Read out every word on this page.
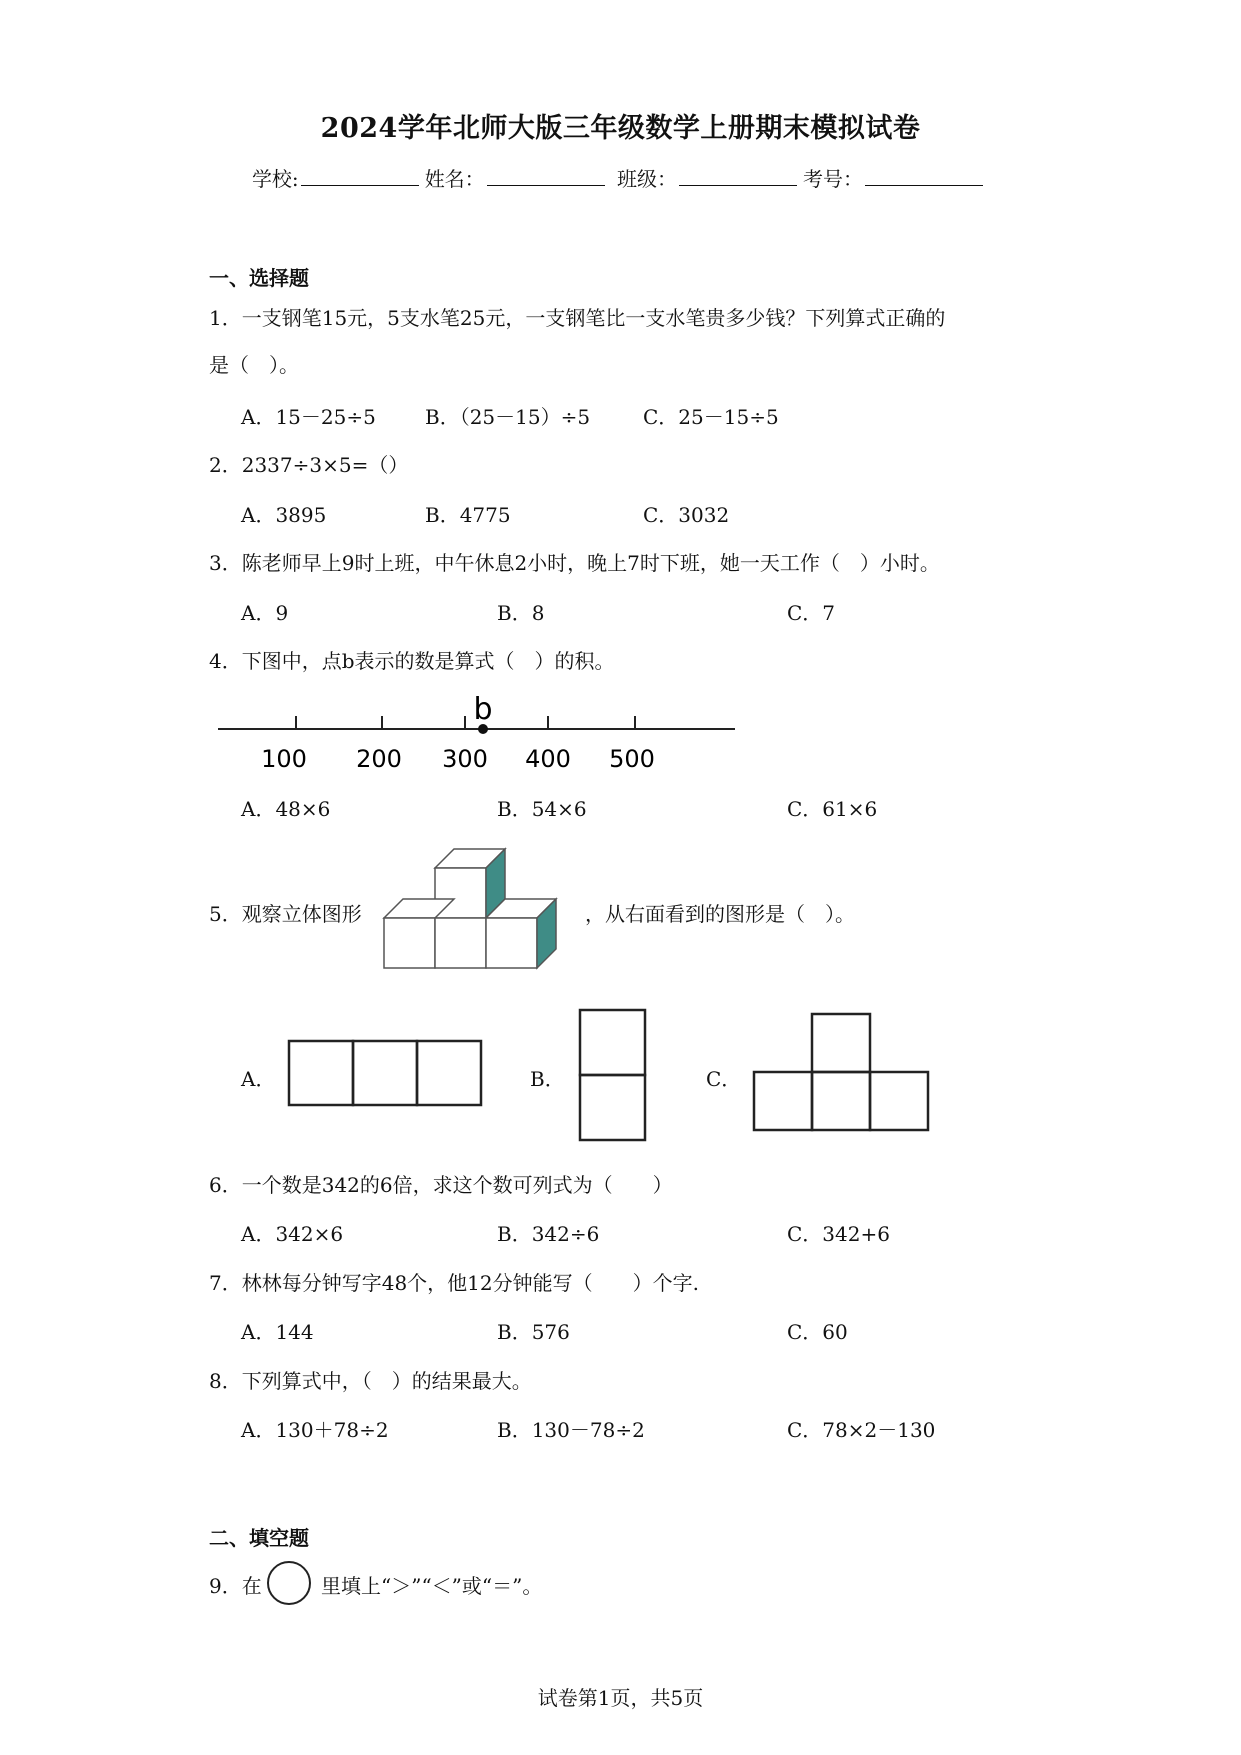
2024学年北师大版三年级数学上册期末模拟试卷
学校:	姓名：	班级：	考号：
一、选择题
1．一支钢笔15元，5支水笔25元，一支钢笔比一支水笔贵多少钱？下列算式正确的
是（　）。
A．15－25÷5 B．（25－15）÷5	C．25－15÷5
2．2337÷3×5=（）
A．3895	B．4775	C．3032
3．陈老师早上9时上班，中午休息2小时，晚上7时下班，她一天工作（　）小时。
A．9	B．8	C．7
4．下图中，点b表示的数是算式（　）的积。
b
100 200 300 400 500
A．48×6	B．54×6	C．61×6
5．观察立体图形	，从右面看到的图形是（　）。
A．	B．	C．
6．一个数是342的6倍，求这个数可列式为（　　）
A．342×6	B．342÷6	C．342+6
7．林林每分钟写字48个，他12分钟能写（　　）个字.
A．144	B．576	C．60
8．下列算式中，（　）的结果最大。
A．130＋78÷2	B．130－78÷2	C．78×2－130
二、填空题
9．在	里填上“＞”“＜”或“＝”。
试卷第1页，共5页
